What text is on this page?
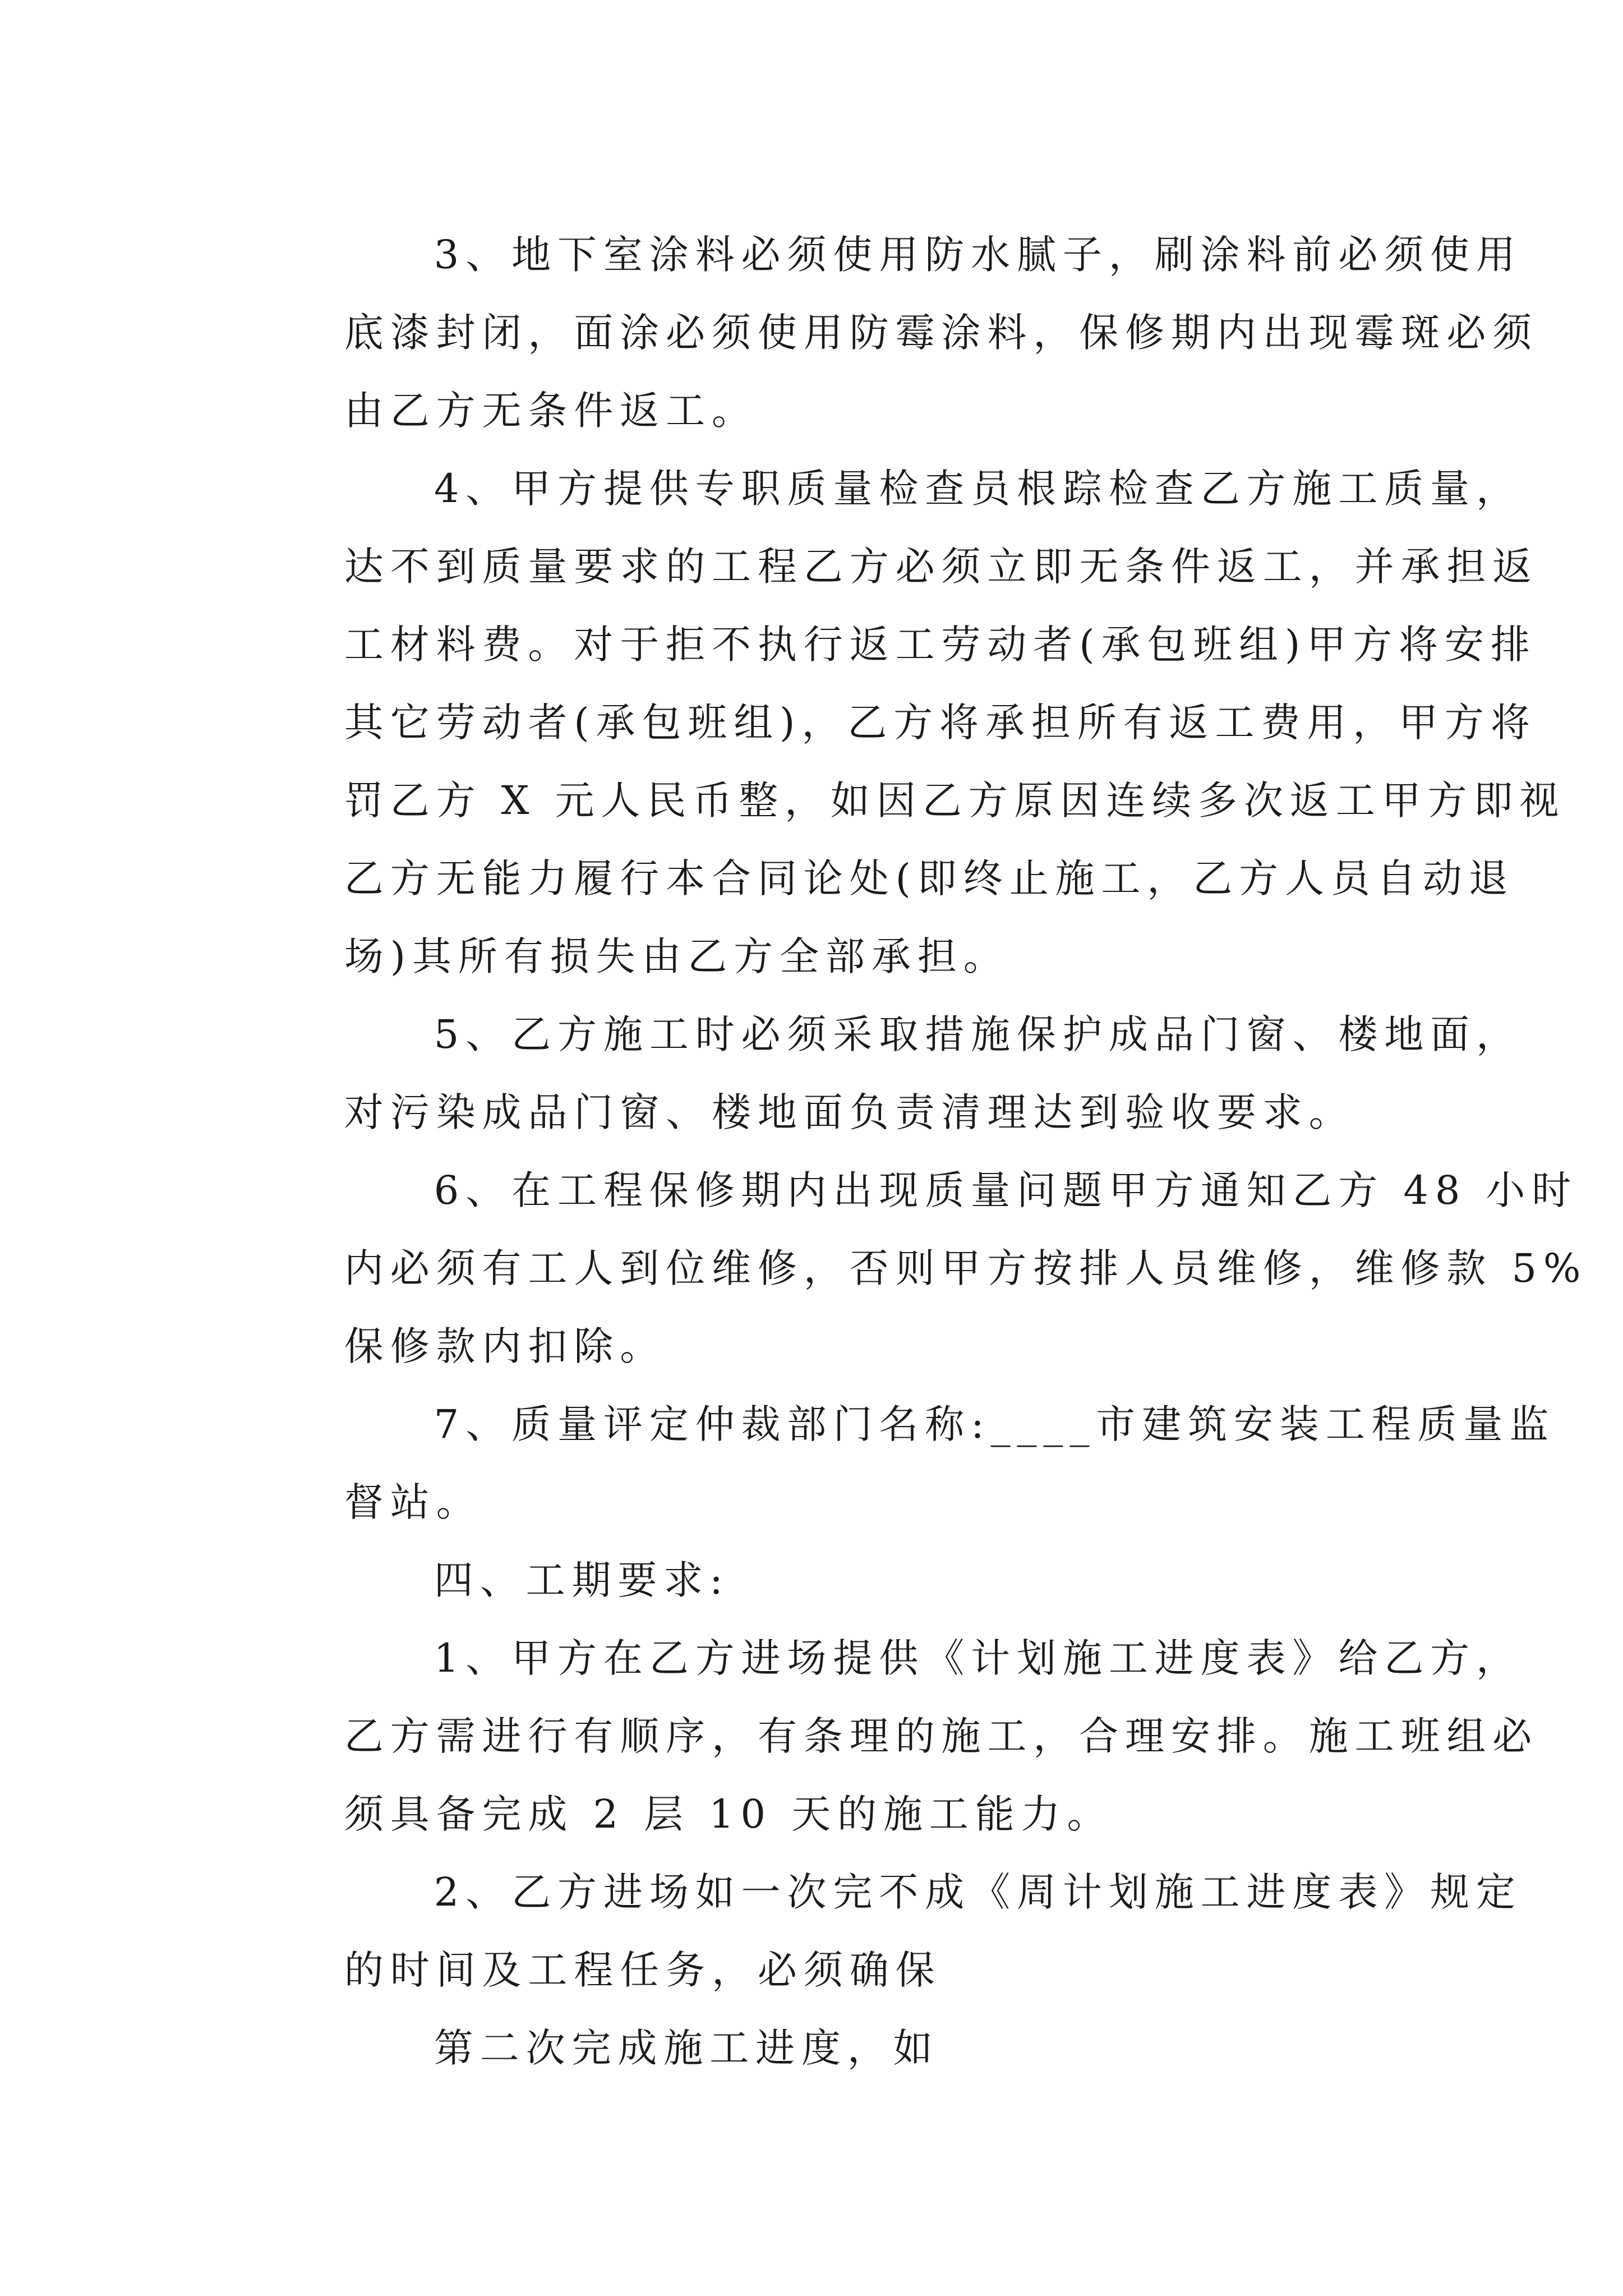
3、地下室涂料必须使用防水腻子，刷涂料前必须使用
底漆封闭，面涂必须使用防霉涂料，保修期内出现霉斑必须
由乙方无条件返工。
4、甲方提供专职质量检查员根踪检查乙方施工质量，
达不到质量要求的工程乙方必须立即无条件返工，并承担返
工材料费。对于拒不执行返工劳动者(承包班组)甲方将安排
其它劳动者(承包班组)，乙方将承担所有返工费用，甲方将
罚乙方 X 元人民币整，如因乙方原因连续多次返工甲方即视
乙方无能力履行本合同论处(即终止施工，乙方人员自动退
场)其所有损失由乙方全部承担。
5、乙方施工时必须采取措施保护成品门窗、楼地面，
对污染成品门窗、楼地面负责清理达到验收要求。
6、在工程保修期内出现质量问题甲方通知乙方 48 小时
内必须有工人到位维修，否则甲方按排人员维修，维修款 5%
保修款内扣除。
7、质量评定仲裁部门名称:____市建筑安装工程质量监
督站。
四、工期要求:
1、甲方在乙方进场提供《计划施工进度表》给乙方，
乙方需进行有顺序，有条理的施工，合理安排。施工班组必
须具备完成 2 层 10 天的施工能力。
2、乙方进场如一次完不成《周计划施工进度表》规定
的时间及工程任务，必须确保
第二次完成施工进度，如
